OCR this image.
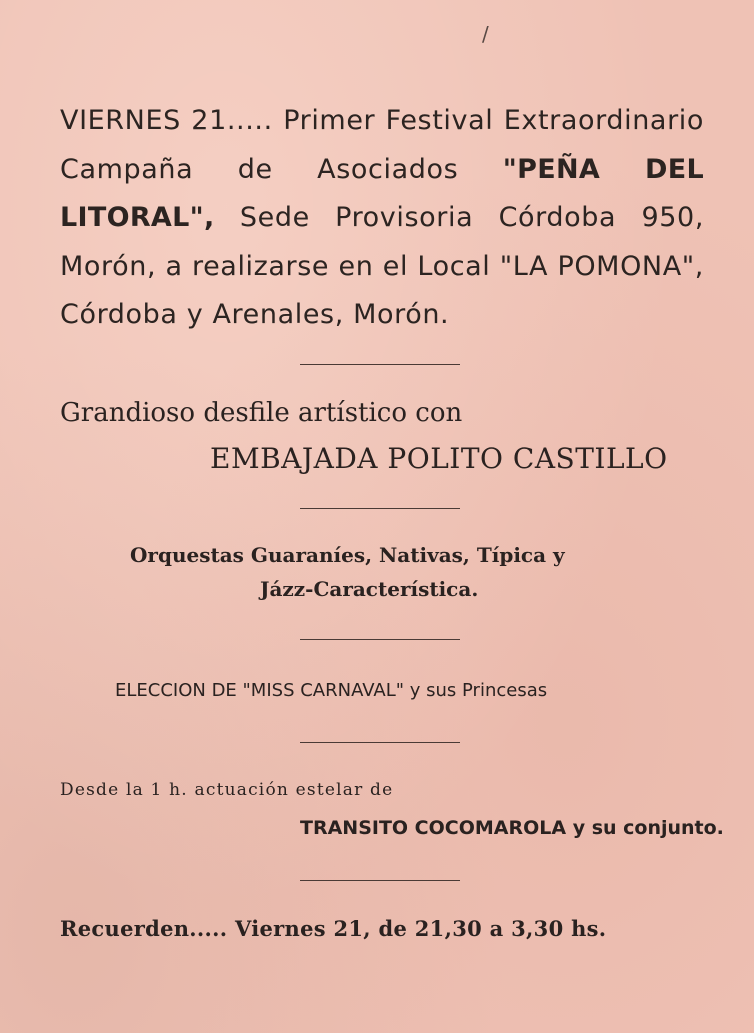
/
VIERNES 21..... Primer Festival Extraordinario Campaña de Asociados "PEÑA DEL LITORAL", Sede Provisoria Córdoba 950, Morón, a realizarse en el Local "LA POMONA", Córdoba y Arenales, Morón.
Grandioso desfile artístico con
EMBAJADA POLITO CASTILLO
Orquestas Guaraníes, Nativas, Típica y
Jázz-Característica.
ELECCION DE "MISS CARNAVAL" y sus Princesas
Desde la 1 h. actuación estelar de
TRANSITO COCOMAROLA y su conjunto.
Recuerden..... Viernes 21, de 21,30 a 3,30 hs.
